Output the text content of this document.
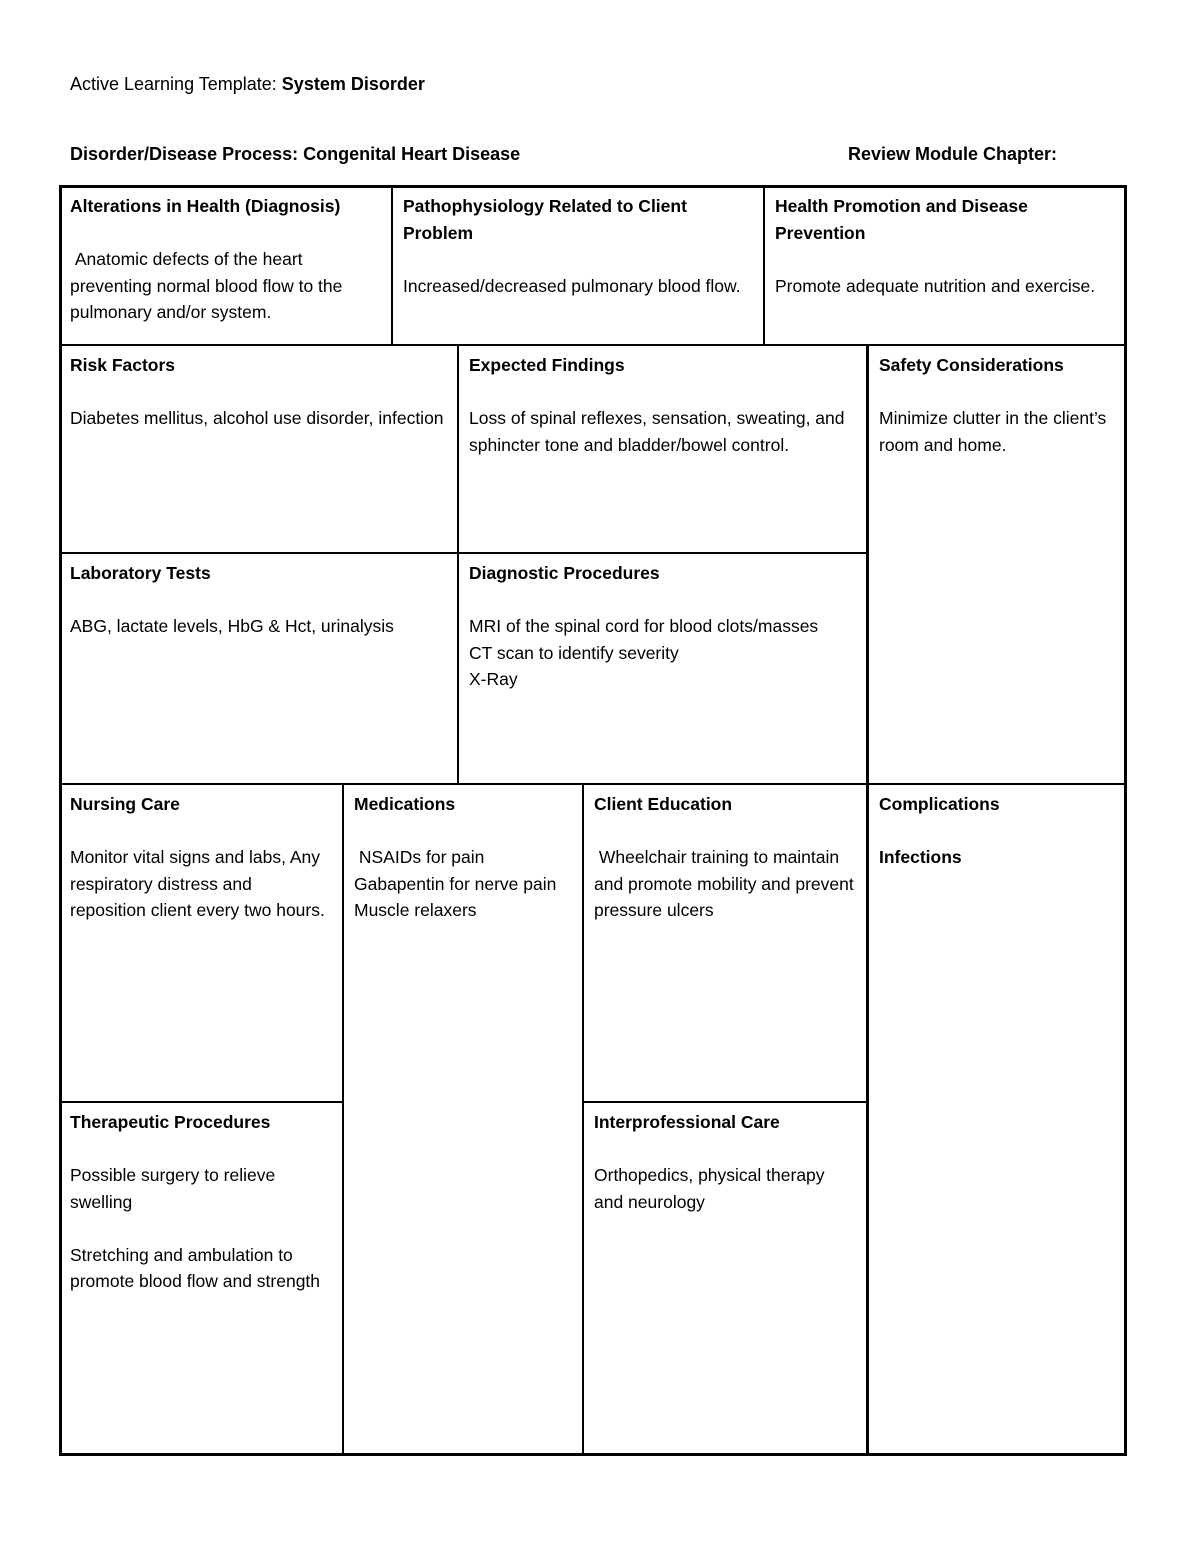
Active Learning Template: System Disorder
Disorder/Disease Process: Congenital Heart Disease	Review Module Chapter:
Alterations in Health (Diagnosis)
Anatomic defects of the heart preventing normal blood flow to the pulmonary and/or system.
Pathophysiology Related to Client Problem
Increased/decreased pulmonary blood flow.
Health Promotion and Disease Prevention
Promote adequate nutrition and exercise.
Risk Factors
Diabetes mellitus, alcohol use disorder, infection
Expected Findings
Loss of spinal reflexes, sensation, sweating, and sphincter tone and bladder/bowel control.
Safety Considerations
Minimize clutter in the client’s room and home.
Laboratory Tests
ABG, lactate levels, HbG & Hct, urinalysis
Diagnostic Procedures
MRI of the spinal cord for blood clots/masses
CT scan to identify severity
X-Ray
Nursing Care
Monitor vital signs and labs, Any respiratory distress and reposition client every two hours.
Medications
NSAIDs for pain
Gabapentin for nerve pain
Muscle relaxers
Client Education
Wheelchair training to maintain and promote mobility and prevent pressure ulcers
Complications
Infections
Therapeutic Procedures
Possible surgery to relieve swelling

Stretching and ambulation to promote blood flow and strength
Interprofessional Care
Orthopedics, physical therapy and neurology
